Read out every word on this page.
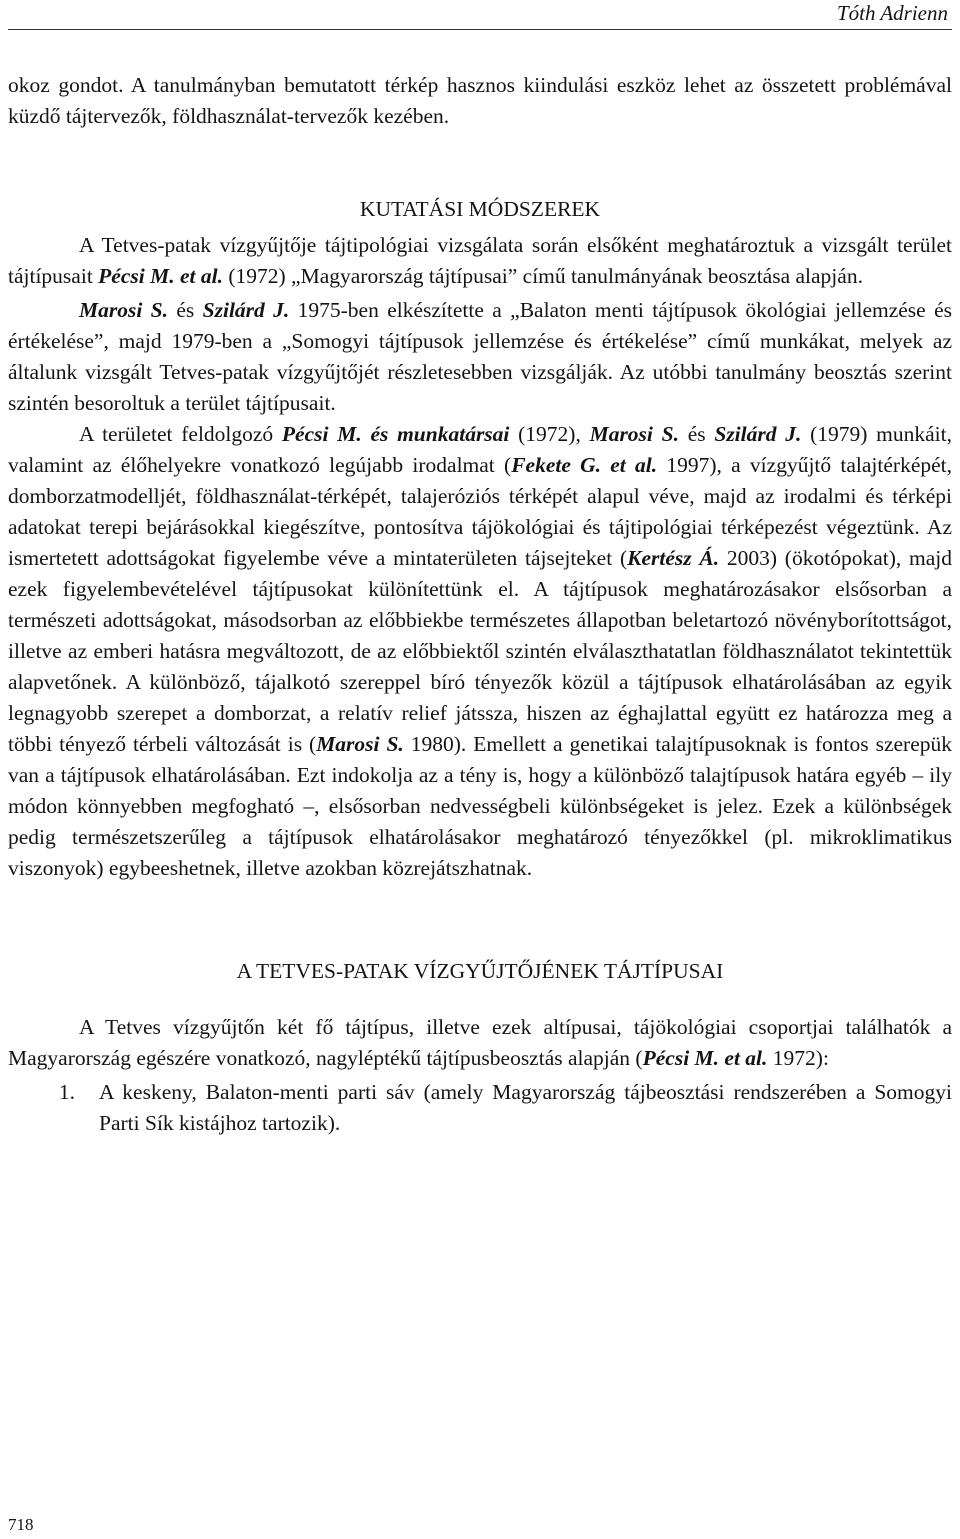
Tóth Adrienn

okoz gondot. A tanulmányban bemutatott térkép hasznos kiindulási eszköz lehet az összetett problémával küzdő tájtervezők, földhasználat-tervezők kezében.

KUTATÁSI MÓDSZEREK

A Tetves-patak vízgyűjtője tájtipológiai vizsgálata során elsőként meghatároztuk a vizsgált terület tájtípusait Pécsi M. et al. (1972) „Magyarország tájtípusai” című tanulmányának beosztása alapján.

Marosi S. és Szilárd J. 1975-ben elkészítette a „Balaton menti tájtípusok ökológiai jellemzése és értékelése”, majd 1979-ben a „Somogyi tájtípusok jellemzése és értékelése” című munkákat, melyek az általunk vizsgált Tetves-patak vízgyűjtőjét részletesebben vizsgálják. Az utóbbi tanulmány beosztás szerint szintén besoroltuk a terület tájtípusait.

A területet feldolgozó Pécsi M. és munkatársai (1972), Marosi S. és Szilárd J. (1979) munkáit, valamint az élőhelyekre vonatkozó legújabb irodalmat (Fekete G. et al. 1997), a vízgyűjtő talajtérképét, domborzatmodelljét, földhasználat-térképét, talajeróziós térképét alapul véve, majd az irodalmi és térképi adatokat terepi bejárásokkal kiegészítve, pontosítva tájökológiai és tájtipológiai térképezést végeztünk. Az ismertetett adottságokat figyelembe véve a mintaterületen tájsejteket (Kertész Á. 2003) (ökotópokat), majd ezek figyelembevételével tájtípusokat különítettünk el. A tájtípusok meghatározásakor elsősorban a természeti adottságokat, másodsorban az előbbiekbe természetes állapotban beletartozó növényborítottságot, illetve az emberi hatásra megváltozott, de az előbbiektől szintén elválaszthatatlan földhasználatot tekintettük alapvetőnek. A különböző, tájalkotó szereppel bíró tényezők közül a tájtípusok elhatárolásában az egyik legnagyobb szerepet a domborzat, a relatív relief játssza, hiszen az éghajlattal együtt ez határozza meg a többi tényező térbeli változását is (Marosi S. 1980). Emellett a genetikai talajtípusoknak is fontos szerepük van a tájtípusok elhatárolásában. Ezt indokolja az a tény is, hogy a különböző talajtípusok határa egyéb – ily módon könnyebben megfogható –, elsősorban nedvességbeli különbségeket is jelez. Ezek a különbségek pedig természetszerűleg a tájtípusok elhatárolásakor meghatározó tényezőkkel (pl. mikroklimatikus viszonyok) egybeeshetnek, illetve azokban közrejátszhatnak.

A TETVES-PATAK VÍZGYŰJTŐJÉNEK TÁJTÍPUSAI

A Tetves vízgyűjtőn két fő tájtípus, illetve ezek altípusai, tájökológiai csoportjai találhatók a Magyarország egészére vonatkozó, nagyléptékű tájtípusbeosztás alapján (Pécsi M. et al. 1972):

1.	A keskeny, Balaton-menti parti sáv (amely Magyarország tájbeosztási rendszerében a Somogyi Parti Sík kistájhoz tartozik).
718
